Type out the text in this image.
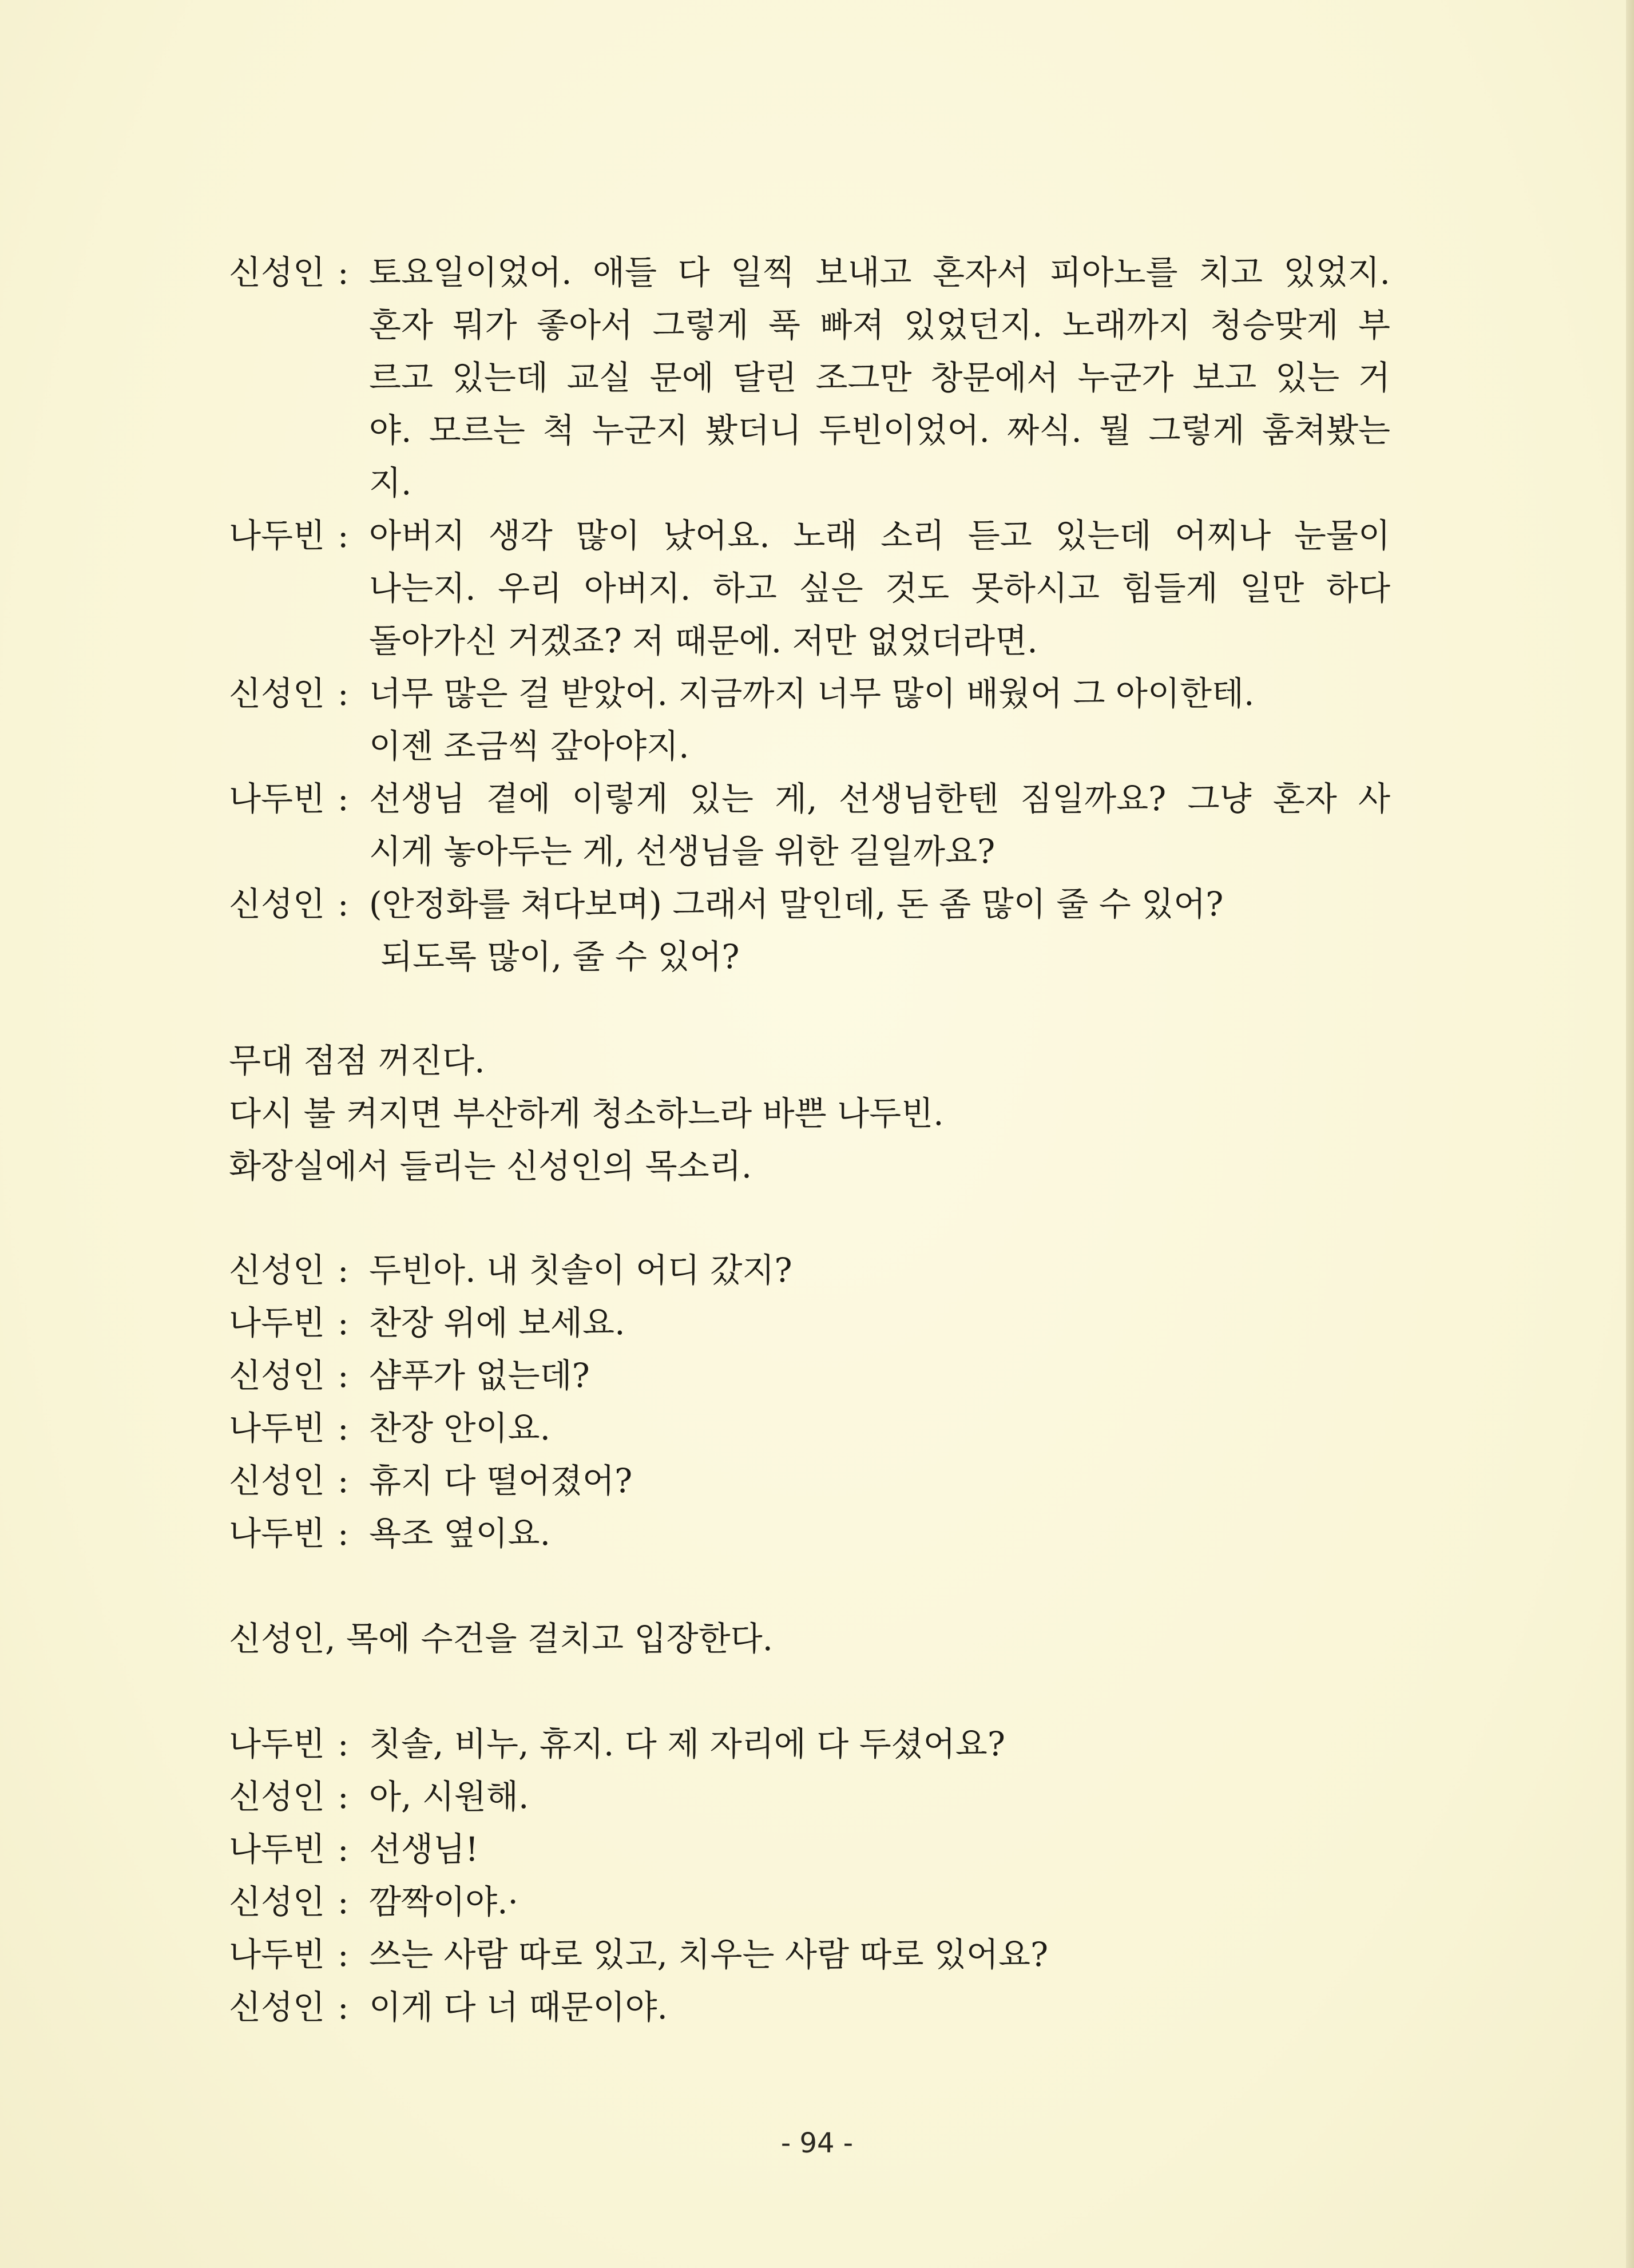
신성인 : 토요일이었어. 애들 다 일찍 보내고 혼자서 피아노를 치고 있었지.
혼자 뭐가 좋아서 그렇게 푹 빠져 있었던지. 노래까지 청승맞게 부
르고 있는데 교실 문에 달린 조그만 창문에서 누군가 보고 있는 거
야. 모르는 척 누군지 봤더니 두빈이었어. 짜식. 뭘 그렇게 훔쳐봤는
지.
나두빈 : 아버지 생각 많이 났어요. 노래 소리 듣고 있는데 어찌나 눈물이
나는지. 우리 아버지. 하고 싶은 것도 못하시고 힘들게 일만 하다
돌아가신 거겠죠? 저 때문에. 저만 없었더라면.
신성인 : 너무 많은 걸 받았어. 지금까지 너무 많이 배웠어 그 아이한테.
이젠 조금씩 갚아야지.
나두빈 : 선생님 곁에 이렇게 있는 게, 선생님한텐 짐일까요? 그냥 혼자 사
시게 놓아두는 게, 선생님을 위한 길일까요?
신성인 : (안정화를 쳐다보며) 그래서 말인데, 돈 좀 많이 줄 수 있어?
되도록 많이, 줄 수 있어?
무대 점점 꺼진다.
다시 불 켜지면 부산하게 청소하느라 바쁜 나두빈.
화장실에서 들리는 신성인의 목소리.
신성인 : 두빈아. 내 칫솔이 어디 갔지?
나두빈 : 찬장 위에 보세요.
신성인 : 샴푸가 없는데?
나두빈 : 찬장 안이요.
신성인 : 휴지 다 떨어졌어?
나두빈 : 욕조 옆이요.
신성인, 목에 수건을 걸치고 입장한다.
나두빈 : 칫솔, 비누, 휴지. 다 제 자리에 다 두셨어요?
신성인 : 아, 시원해.
나두빈 : 선생님!
신성인 : 깜짝이야.·
나두빈 : 쓰는 사람 따로 있고, 치우는 사람 따로 있어요?
신성인 : 이게 다 너 때문이야.
- 94 -
